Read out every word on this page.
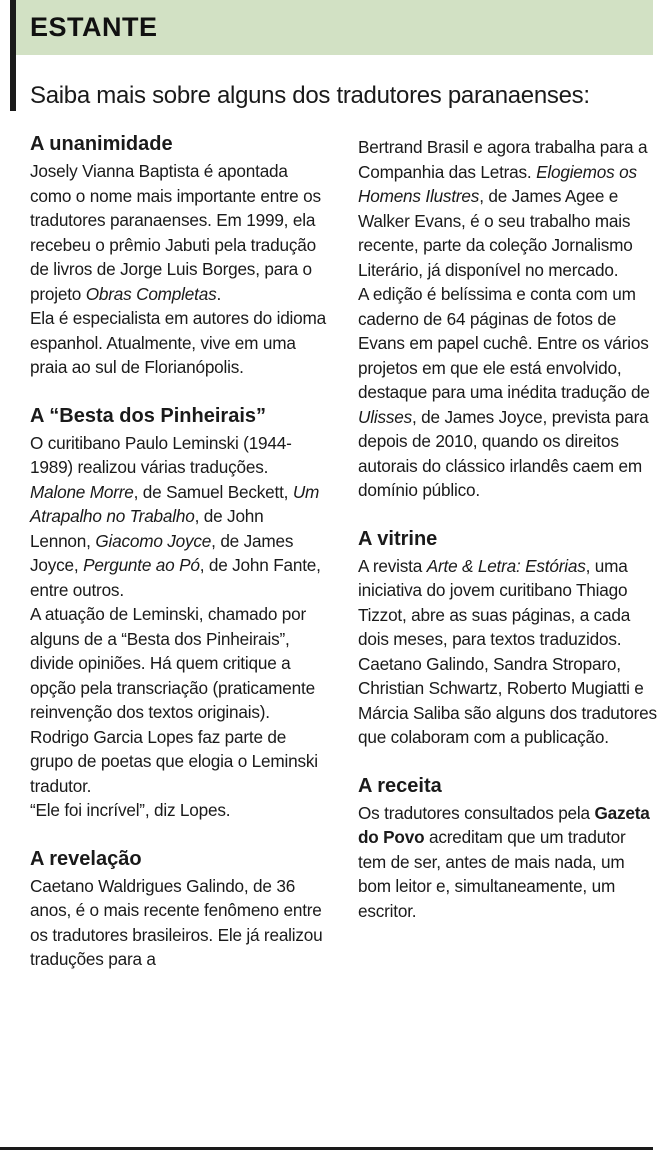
ESTANTE
Saiba mais sobre alguns dos tradutores paranaenses:
A unanimidade

Josely Vianna Baptista é apontada como o nome mais importante entre os tradutores paranaenses. Em 1999, ela recebeu o prêmio Jabuti pela tradução de livros de Jorge Luis Borges, para o projeto Obras Completas.

Ela é especialista em autores do idioma espanhol. Atualmente, vive em uma praia ao sul de Florianópolis.

A “Besta dos Pinheirais”

O curitibano Paulo Leminski (1944-1989) realizou várias traduções. Malone Morre, de Samuel Beckett, Um Atrapalho no Trabalho, de John Lennon, Giacomo Joyce, de James Joyce, Pergunte ao Pó, de John Fante, entre outros.

A atuação de Leminski, chamado por alguns de a “Besta dos Pinheirais”, divide opiniões. Há quem critique a opção pela transcriação (praticamente reinvenção dos textos originais). Rodrigo Garcia Lopes faz parte de grupo de poetas que elogia o Leminski tradutor.

“Ele foi incrível”, diz Lopes.

A revelação

Caetano Waldrigues Galindo, de 36 anos, é o mais recente fenômeno entre os tradutores brasileiros. Ele já realizou traduções para a

Bertrand Brasil e agora trabalha para a Companhia das Letras. Elogiemos os Homens Ilustres, de James Agee e Walker Evans, é o seu trabalho mais recente, parte da coleção Jornalismo Literário, já disponível no mercado.

A edição é belíssima e conta com um caderno de 64 páginas de fotos de Evans em papel cuchê. Entre os vários projetos em que ele está envolvido, destaque para uma inédita tradução de Ulisses, de James Joyce, prevista para depois de 2010, quando os direitos autorais do clássico irlandês caem em domínio público.

A vitrine

A revista Arte & Letra: Estórias, uma iniciativa do jovem curitibano Thiago Tizzot, abre as suas páginas, a cada dois meses, para textos traduzidos. Caetano Galindo, Sandra Stroparo, Christian Schwartz, Roberto Mugiatti e Márcia Saliba são alguns dos tradutores que colaboram com a publicação.

A receita

Os tradutores consultados pela Gazeta do Povo acreditam que um tradutor tem de ser, antes de mais nada, um bom leitor e, simultaneamente, um escritor.
